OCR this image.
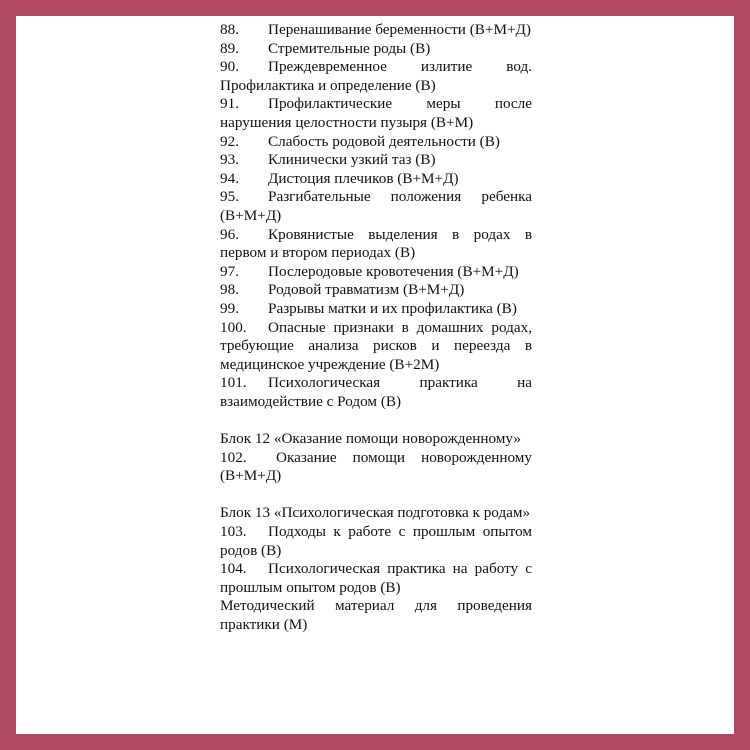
88. Перенашивание беременности (В+М+Д)
89. Стремительные роды (В)
90. Преждевременное излитие вод. Профилактика и определение (В)
91. Профилактические меры после нарушения целостности пузыря (В+М)
92. Слабость родовой деятельности (В)
93. Клинически узкий таз (В)
94. Дистоция плечиков (В+М+Д)
95. Разгибательные положения ребенка (В+М+Д)
96. Кровянистые выделения в родах в первом и втором периодах (В)
97. Послеродовые кровотечения (В+М+Д)
98. Родовой травматизм (В+М+Д)
99. Разрывы матки и их профилактика (В)
100. Опасные признаки в домашних родах, требующие анализа рисков и переезда в медицинское учреждение (В+2М)
101. Психологическая практика на взаимодействие с Родом (В)
Блок 12 «Оказание помощи новорожденному»
102. Оказание помощи новорожденному (В+М+Д)
Блок 13 «Психологическая подготовка к родам»
103. Подходы к работе с прошлым опытом родов (В)
104. Психологическая практика на работу с прошлым опытом родов (В)
Методический материал для проведения практики (М)
